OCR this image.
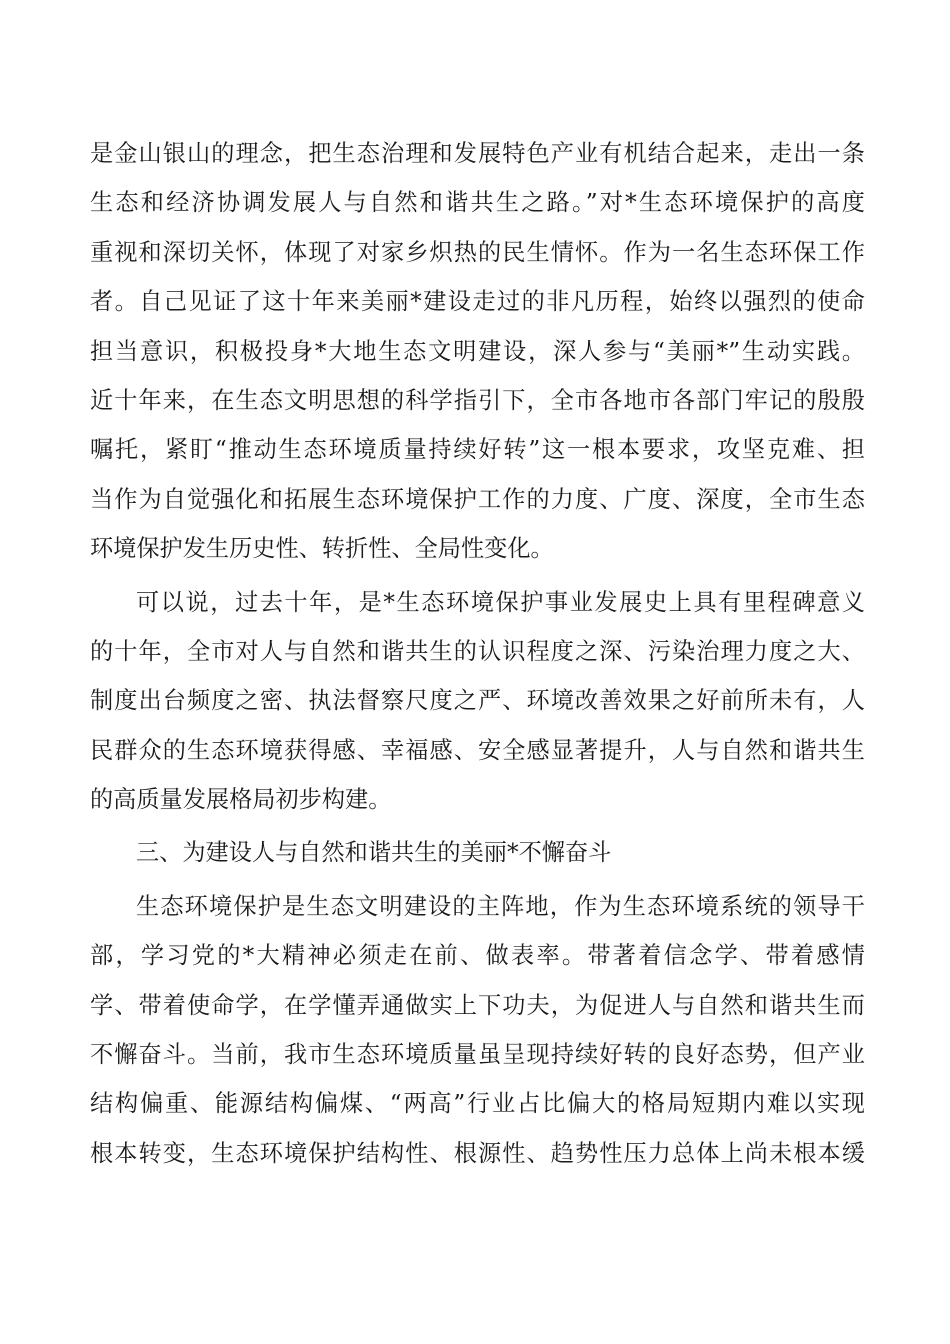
是金山银山的理念，把生态治理和发展特色产业有机结合起来，走出一条
生态和经济协调发展人与自然和谐共生之路。”对*生态环境保护的高度
重视和深切关怀，体现了对家乡炽热的民生情怀。作为一名生态环保工作
者。自己见证了这十年来美丽*建设走过的非凡历程，始终以强烈的使命
担当意识，积极投身*大地生态文明建设，深人参与“美丽*”生动实践。
近十年来，在生态文明思想的科学指引下，全市各地市各部门牢记的殷殷
嘱托，紧盯“推动生态环境质量持续好转”这一根本要求，攻坚克难、担
当作为自觉强化和拓展生态环境保护工作的力度、广度、深度，全市生态
环境保护发生历史性、转折性、全局性变化。
可以说，过去十年，是*生态环境保护事业发展史上具有里程碑意义
的十年，全市对人与自然和谐共生的认识程度之深、污染治理力度之大、
制度出台频度之密、执法督察尺度之严、环境改善效果之好前所未有，人
民群众的生态环境获得感、幸福感、安全感显著提升，人与自然和谐共生
的高质量发展格局初步构建。
三、为建设人与自然和谐共生的美丽*不懈奋斗
生态环境保护是生态文明建设的主阵地，作为生态环境系统的领导干
部，学习党的*大精神必须走在前、做表率。带著着信念学、带着感情
学、带着使命学，在学懂弄通做实上下功夫，为促进人与自然和谐共生而
不懈奋斗。当前，我市生态环境质量虽呈现持续好转的良好态势，但产业
结构偏重、能源结构偏煤、“两高”行业占比偏大的格局短期内难以实现
根本转变，生态环境保护结构性、根源性、趋势性压力总体上尚未根本缓
